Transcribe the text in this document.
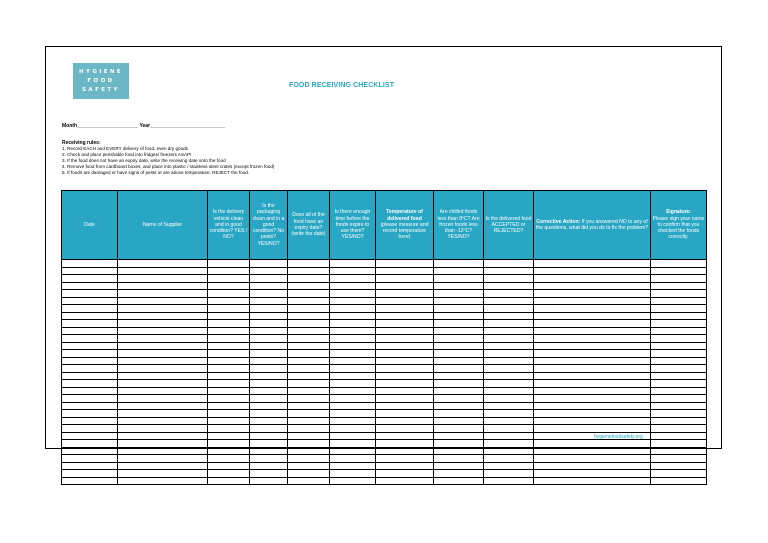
HYGIENE
FOOD
SAFETY
FOOD RECEIVING CHECKLIST
Month______________________ Year___________________________
Receiving rules:
1. Record EACH and EVERY delivery of food, even dry goods
2. Check and place perishable food into fridges/ freezers ASAP!
3. If the food does not have an expiry date, write the receiving date onto the food
4. Remove food from cardboard boxes, and place into plastic / stainless steel crates (except frozen food)
5. If foods are damaged or have signs of pests or are above temperature, REJECT the food.
Date	Name of Supplier	Is the delivery vehicle clean and in good condition? YES / NO?	Is the packaging clean and in a good condition? No pests? YES/NO?	Does all of the food have an expiry date? (write the date)	Is there enough time before the foods expire to use them? YES/NO?	Temperature of delivered food
(please measure and record temperature here)	Are chilled foods less than 8ºC? Are frozen foods less than -12ºC? YES/NO?	Is the delivered food ACCEPTED or REJECTED?	Corrective Action: If you answered NO to any of the questions, what did you do to fix the problem?	Signature:
Please sign your name to confirm that you checked the foods correctly.

hygienefoodsafety.org
